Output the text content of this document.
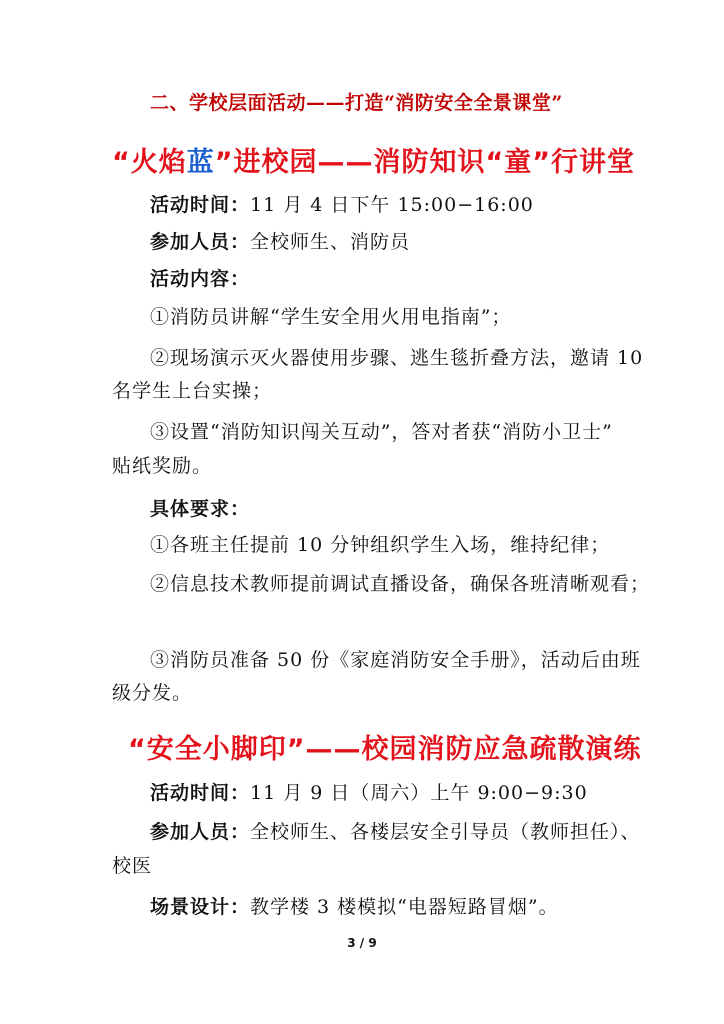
二、学校层面活动——打造“消防安全全景课堂”
“火焰蓝”进校园——消防知识“童”行讲堂
活动时间：11 月 4 日下午 15:00−16:00
参加人员：全校师生、消防员
活动内容：
①消防员讲解“学生安全用火用电指南”；
②现场演示灭火器使用步骤、逃生毯折叠方法，邀请 10
名学生上台实操；
③设置“消防知识闯关互动”，答对者获“消防小卫士”
贴纸奖励。
具体要求：
①各班主任提前 10 分钟组织学生入场，维持纪律；
②信息技术教师提前调试直播设备，确保各班清晰观看；
③消防员准备 50 份《家庭消防安全手册》，活动后由班
级分发。
“安全小脚印”——校园消防应急疏散演练
活动时间：11 月 9 日（周六）上午 9:00−9:30
参加人员：全校师生、各楼层安全引导员（教师担任）、
校医
场景设计：教学楼 3 楼模拟“电器短路冒烟”。
3 / 9
